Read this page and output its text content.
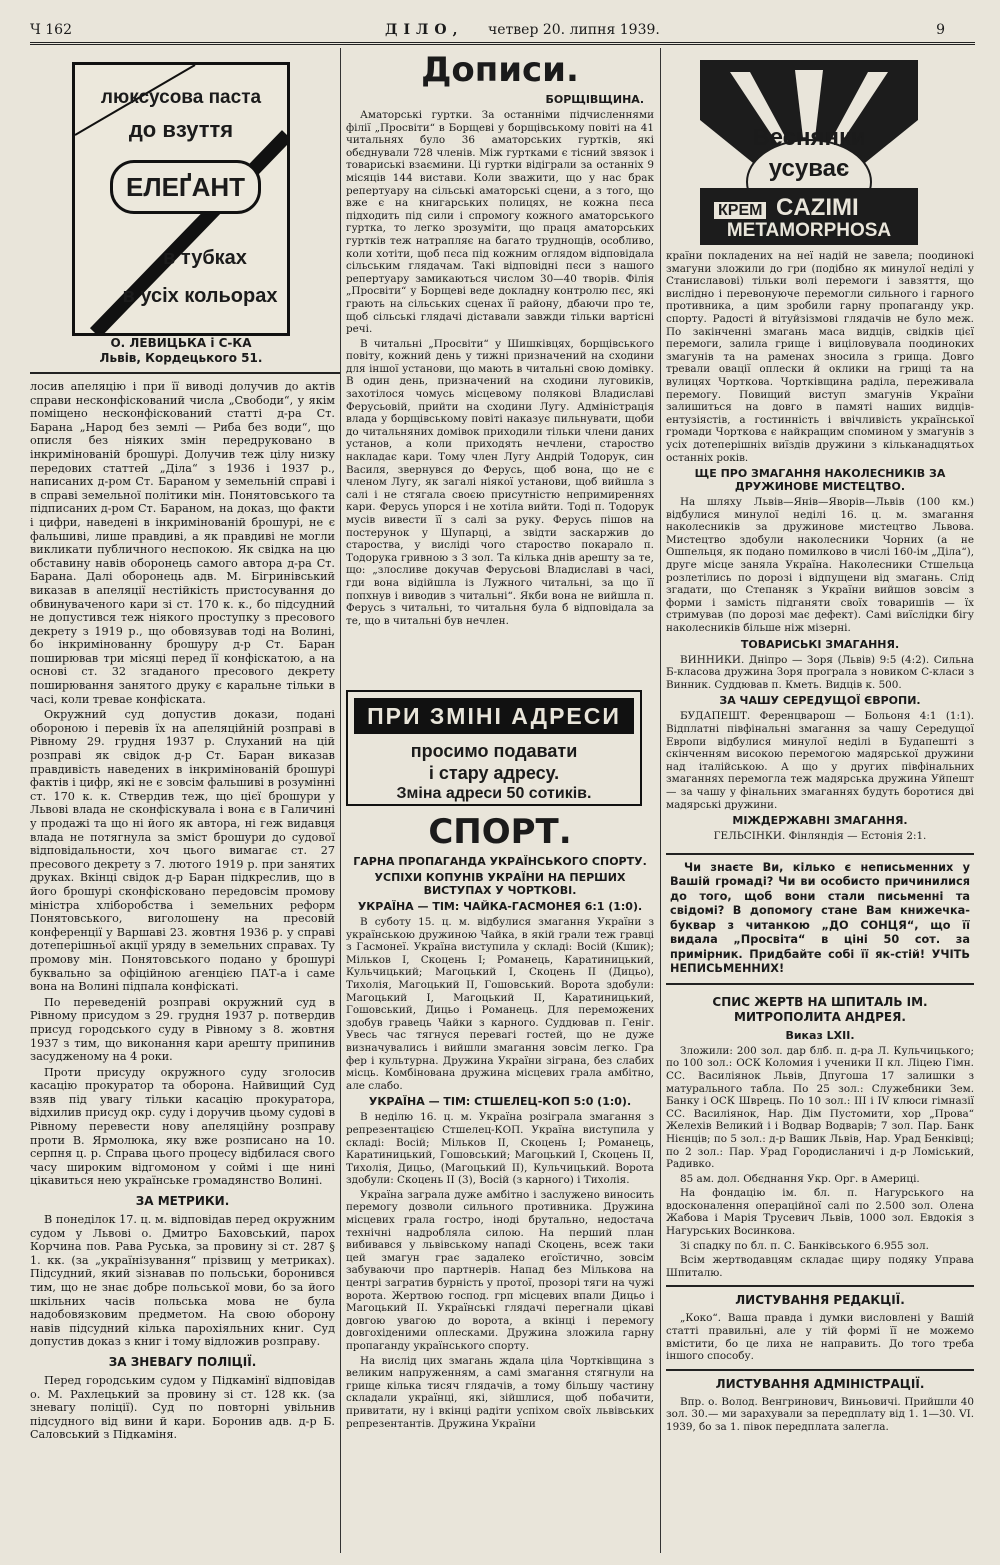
Ч 162	ДІЛО, четвер 20. липня 1939.	9
люксусова паста
до взуття
ЕЛЕҐАНТ
в тубках
в усіх кольорах
О. ЛЕВИЦЬКА і С-КА
Львів, Кордецького 51.

лосив апеляцію і при її виводі долучив до актів справи несконфіскований числа „Свободи“, у якім поміщено несконфіскований статті д-ра Ст. Барана „Народ без землі — Риба без води“, що описля без ніяких змін передруковано в інкримінованій брошурі. Долучив теж цілу низку передових статтей „Діла“ з 1936 і 1937 р., написаних д-ром Ст. Бараном у земельній справі і в справі земельної політики мін. Понятовського та підписаних д-ром Ст. Бараном, на доказ, що факти і цифри, наведені в інкримінованій брошурі, не є фальшиві, лише правдиві, а як правдиві не могли викликати публичного неспокою. Як свідка на цю обставину навів оборонець самого автора д-ра Ст. Барана. Далі оборонець адв. М. Бігринівський виказав в апеляції нестійкість пристосування до обвинуваченого кари зі ст. 170 к. к., бо підсудний не допустився теж ніякого проступку з пресового декрету з 1919 р., що обовязував тоді на Волині, бо інкримінованну брошуру д-р Ст. Баран поширював три місяці перед її конфіскатою, а на основі ст. 32 згаданого пресового декрету поширювання занятого друку є каральне тільки в часі, коли тревае конфіската.

Окружний суд допустив докази, подані обороною і перевів їх на апеляційній розправі в Рівному 29. грудня 1937 р. Слуханий на цій розправі як свідок д-р Ст. Баран виказав правдивість наведених в інкримінованій брошурі фактів і цифр, які не є зовсім фальшиві в розумінні ст. 170 к. к. Ствердив теж, що цієї брошури у Львові влада не сконфіскувала і вона є в Галичині у продажі та що ні його як автора, ні геж видавця влада не потягнула за зміст брошури до судової відповідальности, хоч цього вимагає ст. 27 пресового декрету з 7. лютого 1919 р. при занятих друках. Вкінці свідок д-р Баран підкреслив, що в його брошурі сконфісковано передовсім промову міністра хліборобства і земельних реформ Понятовського, виголошену на пресовій конференції у Варшаві 23. жовтня 1936 р. у справі дотеперішньої акції уряду в земельних справах. Ту промову мін. Понятовського подано у брошурі буквально за офіційною агенцією ПАТ-а і саме вона на Волині підпала конфіскаті.

По переведеній розправі окружний суд в Рівному присудом з 29. грудня 1937 р. потвердив присуд городського суду в Рівному з 8. жовтня 1937 з тим, що виконання кари арешту припинив засудженому на 4 роки.

Проти присуду окружного суду зголосив касацію прокуратор та оборона. Найвищий Суд взяв під увагу тільки касацію прокуратора, відхилив присуд окр. суду і доручив цьому судові в Рівному перевести нову апеляційну розправу проти В. Ярмолюка, яку вже розписано на 10. серпня ц. р. Справа цього процесу відбилася свого часу широким відгомоном у соймі і ще нині цікавиться нею українське громадянство Волині.

ЗА МЕТРИКИ.

В понеділок 17. ц. м. відповідав перед окружним судом у Львові о. Дмитро Баховський, парох Корчина пов. Рава Руська, за провину зі ст. 287 § 1. кк. (за „українізування“ прізвищ у метриках). Підсудний, який зізнавав по польськи, боронився тим, що не знає добре польської мови, бо за його шкільних часів польська мова не була надобовязковим предметом. На свою оборону навів підсудний кілька парохіяльних книг. Суд допустив доказ з книг і тому відложив розправу.

ЗА ЗНЕВАГУ ПОЛІЦІЇ.

Перед городським судом у Підкамінї відповідав о. М. Рахлецький за провину зі ст. 128 кк. (за зневагу поліції). Суд по повторні увільнив підсудного від вини й кари. Боронив адв. д-р Б. Саловський з Підкаміня.

Дописи.
БОРЩІВЩИНА.

Аматорські гуртки. За останніми підчисленнями філії „Просвіти“ в Борщеві у борщівському повіті на 41 читальнях було 36 аматорських гуртків, які обєднували 728 членів. Між гуртками є тісний звязок і товариські взаємини. Ці гуртки відіграли за останніх 9 місяців 144 вистави. Коли зважити, що у нас брак репертуару на сільські аматорські сцени, а з того, що вже є на книгарських полицях, не кожна пєса підходить під сили і спромогу кожного аматорського гуртка, то легко зрозуміти, що праця аматорських гуртків теж натрапляє на багато труднощів, особливо, коли хотіти, щоб пєса під кожним оглядом відповідала сільським глядачам. Такі відповідні пєси з нашого репертуару замикаються числом 30—40 творів. Філія „Просвіти“ у Борщеві веде докладну контролю пєс, які грають на сільських сценах її району, дбаючи про те, щоб сільські глядачі діставали завжди тільки вартісні речі.

В читальні „Просвіти“ у Шишківцях, борщівського повіту, кожний день у тижні призначений на сходини для іншої установи, що мають в читальні свою домівку. В один день, призначений на сходини луговиків, захотілося чомусь місцевому полякові Владиславі Ферусьовій, прийти на сходини Лугу. Адміністрація влада у борщівському повіті наказує пильнувати, щоби до читальняних домівок приходили тільки члени даних установ, а коли приходять нечлени, староство накладає кари. Тому член Лугу Андрій Тодорук, син Василя, звернувся до Ферусь, щоб вона, що не є членом Лугу, як загалі ніякої установи, щоб вийшла з салі і не стягала своєю присутністю непримиреннях кари. Ферусь упорся і не хотіла вийти. Тоді п. Тодорук мусів вивести її з салі за руку. Ферусь пішов на постерунок у Шупарці, а звідти заскаржив до староства, у висліді чого староство покарало п. Тодорука гривною з 3 зол. Та кілька днів арешту за те, що: „злосливе докучав Ферусьові Владиславі в часі, гди вона відійшла із Лужного читальні, за що її попхнув і виводив з читальні“. Якби вона не вийшла п. Ферусь з читальні, то читальня була б відповідала за те, що в читальні був нечлен.

ПРИ ЗМІНІ АДРЕСИ
просимо подавати
і стару адресу.
Зміна адреси 50 сотиків.
СПОРТ.
ГАРНА ПРОПАГАНДА УКРАЇНСЬКОГО СПОРТУ.
УСПІХИ КОПУНІВ УКРАЇНИ НА ПЕРШИХ ВИСТУПАХ У ЧОРТКОВІ.
УКРАЇНА — ТІМ: ЧАЙКА-ГАСМОНЕЯ 6:1 (1:0).

В суботу 15. ц. м. відбулися змагання України з українською дружиною Чайка, в якій грали теж гравці з Гасмонеї. Україна виступила у складі: Восій (Кшик); Мільков I, Скоцень I; Романець, Каратиницький, Кульчицький; Магоцький I, Скоцень II (Дицьо), Тихолія, Магоцький II, Гошовський. Ворота здобули: Магоцький I, Магоцький II, Каратиницький, Гошовський, Дицьо і Романець. Для переможених здобув гравець Чайки з карного. Суддював п. Геніг. Увесь час тягнуся перевагі гостей, що не дуже визначувались і вийшли змагання зовсім легко. Гра фер і культурна. Дружина України зіграна, без слабих місць. Комбінована дружина місцевих грала амбітно, але слабо.

УКРАЇНА — ТІМ: СТШЕЛЕЦ-КОП 5:0 (1:0).

В неділю 16. ц. м. Україна розіграла змагання з репрезентацією Стшелец-КОП. Україна виступила у складі: Восій; Мільков II, Скоцень I; Романець, Каратиницький, Гошовський; Магоцький I, Скоцень II, Тихолія, Дицьо, (Магоцький II), Кульчицький. Ворота здобули: Скоцень II (3), Восій (з карного) і Тихолія.

Україна заграла дуже амбітно і заслужено виносить перемогу дозволи сильного противника. Дружина місцевих грала гостро, іноді брутально, недостача технічні надробляла силою. На перший план вибивався у львівському нападі Скоцень, всеж таки цей змагун грає задалеко егоїстично, зовсім забуваючи про партнерів. Напад без Мількова на центрі загратив бурність у протої, прозорі тяги на чужі ворота. Жертвою господ. грп місцевих впали Дицьо і Магоцький II. Українські глядачі перегнали цікаві довгою увагою до ворота, а вкінці і перемогу довгохіденими оплесками. Дружина зложила гарну пропаганду українського спорту.

На вислід цих змагань ждала ціла Чортківщина з великим напруженням, а самі змагання стягнули на грище кілька тисяч глядачів, а тому більшу частину складали українці, які, зійшлися, щоб побачити, привитати, ну і вкінці радіти успіхом своїх львівських репрезентантів. Дружина України

Веснянки
усуває
КРЕМ CAZIMI
METAMORPHOSA

країни покладених на неї надій не завела; поодинокі змагуни зложили до гри (подібно як минулої неділі у Станиславові) тільки волі перемоги і завзяття, що вислідно і перевонуюче перемогли сильного і гарного противника, а цим зробили гарну пропаганду укр. спорту. Радості й вітуйзізмові глядачів не було меж. По закінченні змагань маса видців, свідків цієї перемоги, залила грище і виціловувала поодиноких змагунів та на раменах зносила з грища. Довго тревали овації оплески й оклики на грищі та на вулицях Чорткова. Чортківщина раділа, переживала перемогу. Повищий виступ змагунів України залишиться на довго в памяті наших видців-ентузіястів, а гостинність і ввічливість української громади Чорткова є найкращим спомином у змагунів з усіх дотеперішніх виїздів дружини з кільканадцятьох останніх років.

ЩЕ ПРО ЗМАГАННЯ НАКОЛЕСНИКІВ ЗА ДРУЖИНОВЕ МИСТЕЦТВО.

На шляху Львів—Янів—Яворів—Львів (100 км.) відбулися минулої неділі 16. ц. м. змагання наколесників за дружинове мистецтво Львова. Мистецтво здобули наколесники Чорних (а не Ошпельця, як подано помилково в числі 160-ім „Діла“), друге місце заняла Україна. Наколесники Стшельца розлетілись по дорозі і відпущени від змагань. Слід згадати, що Степаняк з України вийшов зовсім з форми і замість підганяти своїх товаришів — їх стримував (по дорозі має дефект). Самі виїслідки бігу наколесників більше ніж мізерні.

ТОВАРИСЬКІ ЗМАГАННЯ.

ВИННИКИ. Дніпро — Зоря (Львів) 9:5 (4:2). Сильна Б-класова дружина Зоря програла з новиком С-класи з Винник. Суддював п. Кметь. Видців к. 500.

ЗА ЧАШУ СЕРЕДУЩОЇ ЄВРОПИ.

БУДАПЕШТ. Ференцварош — Больоня 4:1 (1:1). Відплатні півфінальні змагання за чашу Середущої Европи відбулися минулої неділі в Будапешті з скінченням високою перемогою мадярської дружини над італійською. А що у других півфінальних змаганнях перемогла теж мадярська дружина Уйпешт — за чашу у фінальних змаганнях будуть боротися дві мадярські дружини.

МІЖДЕРЖАВНІ ЗМАГАННЯ.

ГЕЛЬСІНКИ. Фінляндія — Естонія 2:1.

Чи знаєте Ви, кілько є неписьменних у Вашій громаді? Чи ви особисто причинилися до того, щоб вони стали письменні та свідомі? В допомогу стане Вам книжечка-буквар з читанкою „ДО СОНЦЯ“, що її видала „Просвіта“ в ціні 50 сот. за примірник. Придбайте собі її як-стій! УЧІТЬ НЕПИСЬМЕННИХ!
СПИС ЖЕРТВ НА ШПИТАЛЬ ІМ. МИТРОПОЛИТА АНДРЕЯ.
Виказ LXII.

Зложили: 200 зол. дар блб. п. д-ра Л. Кульчицького; по 100 зол.: ОСК Коломия і ученики II кл. Лiцею Гімн. СС. Василіянок Львів, Дпугоша 17 залишки з матурального табла. По 25 зол.: Служебники Зем. Банку і ОСК Шврець. По 10 зол.: III і IV клюси гімназії СС. Василіянок, Нар. Дім Пустомити, хор „Прова“ Желехів Великий і і Водвар Водварів; 7 зол. Пар. Банк Нієнців; по 5 зол.: д-р Вашик Львів, Нар. Урад Бенківці; по 2 зол.: Пар. Урад Городисланичі і д-р Ломіський, Радивко.

85 ам. дол. Обєднання Укр. Орг. в Америці.

На фондацію ім. бл. п. Нагурського на вдосконалення операційної салі по 2.500 зол. Олена Жабова і Марія Трусевич Львів, 1000 зол. Евдокія з Нагурських Восинкова.

Зі спадку по бл. п. С. Банківського 6.955 зол.

Всім жертводавцям складає щиру подяку Управа Шпиталю.

ЛИСТУВАННЯ РЕДАКЦІЇ.

„Коко“. Ваша правда і думки висловлені у Вашій статті правильні, але у тій формі її не можемо вмістити, бо це лиха не направить. До того треба іншого способу.

ЛИСТУВАННЯ АДМІНІСТРАЦІЇ.

Впр. о. Волод. Венгринович, Виньовичі. Прийшли 40 зол. 30.— ми зарахували за передплату від 1. 1—30. VI. 1939, бо за 1. півок передплата залегла.
